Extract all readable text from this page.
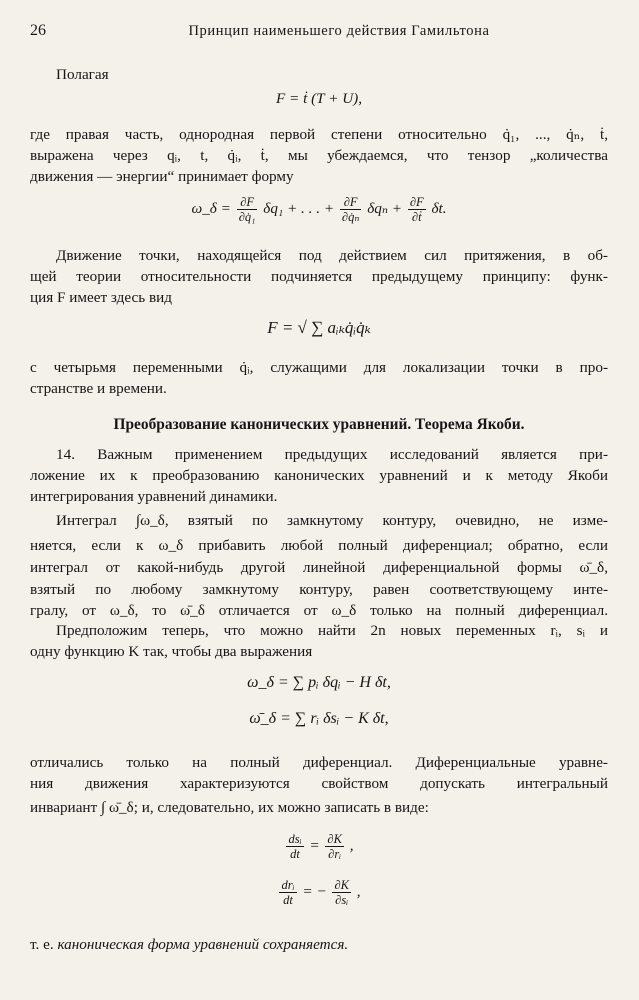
26	Принцип наименьшего действия Гамильтона
Полагая
F = ṫ (T + U),
где правая часть, однородная первой степени относительно q̇₁, ..., q̇ₙ, ṫ,
выражена через qᵢ, t, q̇ᵢ, ṫ, мы убеждаемся, что тензор „количества
движения — энергии“ принимает форму
ω_δ = $\frac{\partial F}{\text{∂q̇₁}} \delta q_1$ + . . . + $\frac{\partial F}{\text{∂q̇ₙ}}$ $\delta q_n + \frac{\partial F}{\text{∂ṫ}} \delta t$.
Движение точки, находящейся под действием сил притяжения, в об-
щей теории относительности подчиняется предыдущему принципу: функ-
ция F имеет здесь вид
F = √ ∑ aᵢₖq̇ᵢq̇ₖ
с четырьмя переменными q̇ᵢ, служащими для локализации точки в про-
странстве и времени.
Преобразование канонических уравнений. Теорема Якоби.
14. Важным применением предыдущих исследований является при-
ложение их к преобразованию канонических уравнений и к методу Якоби
интегрирования уравнений динамики.
Интеграл ∫ω_δ, взятый по замкнутому контуру, очевидно, не изме-
няется, если к ω_δ прибавить любой полный диференциал; обратно, если
интеграл от какой-нибудь другой линейной диференциальной формы ω̄_δ,
взятый по любому замкнутому контуру, равен соответствующему инте-
гралу, от ω_δ, то ω̄_δ отличается от ω_δ только на полный диференциал.
Предположим теперь, что можно найти 2n новых переменных rᵢ, sᵢ и
одну функцию K так, чтобы два выражения
ω_δ = ∑ pᵢ δqᵢ − H δt,
ω̄_δ = ∑ rᵢ δsᵢ − K δt,
отличались только на полный диференциал. Диференциальные уравне-
ния движения характеризуются свойством допускать интегральный
инвариант ∫ ω̄_δ; и, следовательно, их можно записать в виде:
$\frac{\text{dsᵢ}}{dt} = \frac{\partial K}{\text{∂rᵢ}}$ ,
$\frac{\text{drᵢ}}{dt}$ = − $\frac{\partial K}{\text{∂sᵢ}}$ ,
т. е. каноническая форма уравнений сохраняется.
